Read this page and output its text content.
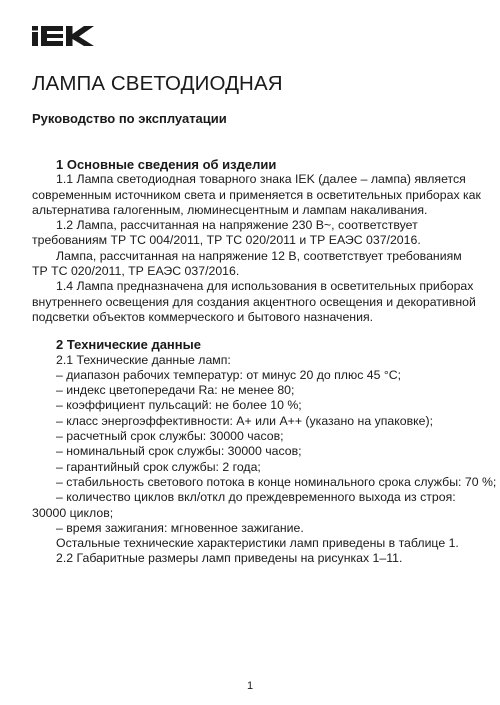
ЛАМПА СВЕТОДИОДНАЯ
Руководство по эксплуатации
1 Основные сведения об изделии
1.1 Лампа светодиодная товарного знака IEK (далее – лампа) является
современным источником света и применяется в осветительных приборах как
альтернатива галогенным, люминесцентным и лампам накаливания.
1.2 Лампа, рассчитанная на напряжение 230 В~, соответствует
требованиям ТР ТС 004/2011, ТР ТС 020/2011 и ТР ЕАЭС 037/2016.
Лампа, рассчитанная на напряжение 12 В, соответствует требованиям
ТР ТС 020/2011, ТР ЕАЭС 037/2016.
1.4 Лампа предназначена для использования в осветительных приборах
внутреннего освещения для создания акцентного освещения и декоративной
подсветки объектов коммерческого и бытового назначения.
2 Технические данные
2.1 Технические данные ламп:
– диапазон рабочих температур: от минус 20 до плюс 45 °С;
– индекс цветопередачи Ra: не менее 80;
– коэффициент пульсаций: не более 10 %;
– класс энергоэффективности: А+ или А++ (указано на упаковке);
– расчетный срок службы: 30000 часов;
– номинальный срок службы: 30000 часов;
– гарантийный срок службы: 2 года;
– стабильность светового потока в конце номинального срока службы: 70 %;
– количество циклов вкл/откл до преждевременного выхода из строя:
30000 циклов;
– время зажигания: мгновенное зажигание.
Остальные технические характеристики ламп приведены в таблице 1.
2.2 Габаритные размеры ламп приведены на рисунках 1–11.
1
